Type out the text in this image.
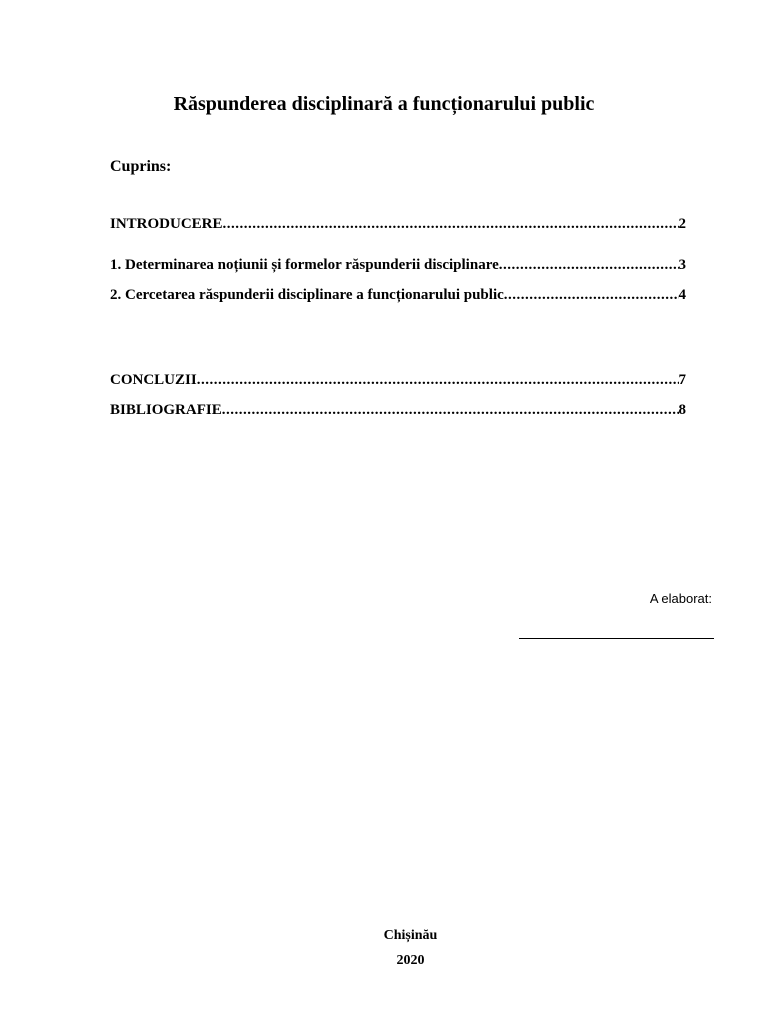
Răspunderea disciplinară a funcționarului public
Cuprins:
INTRODUCERE .....	2
1. Determinarea noțiunii și formelor răspunderii disciplinare .....	3
2. Cercetarea răspunderii disciplinare a funcționarului public .....	4
CONCLUZII .....	7
BIBLIOGRAFIE .....	8
A elaborat:
Chișinău
2020
